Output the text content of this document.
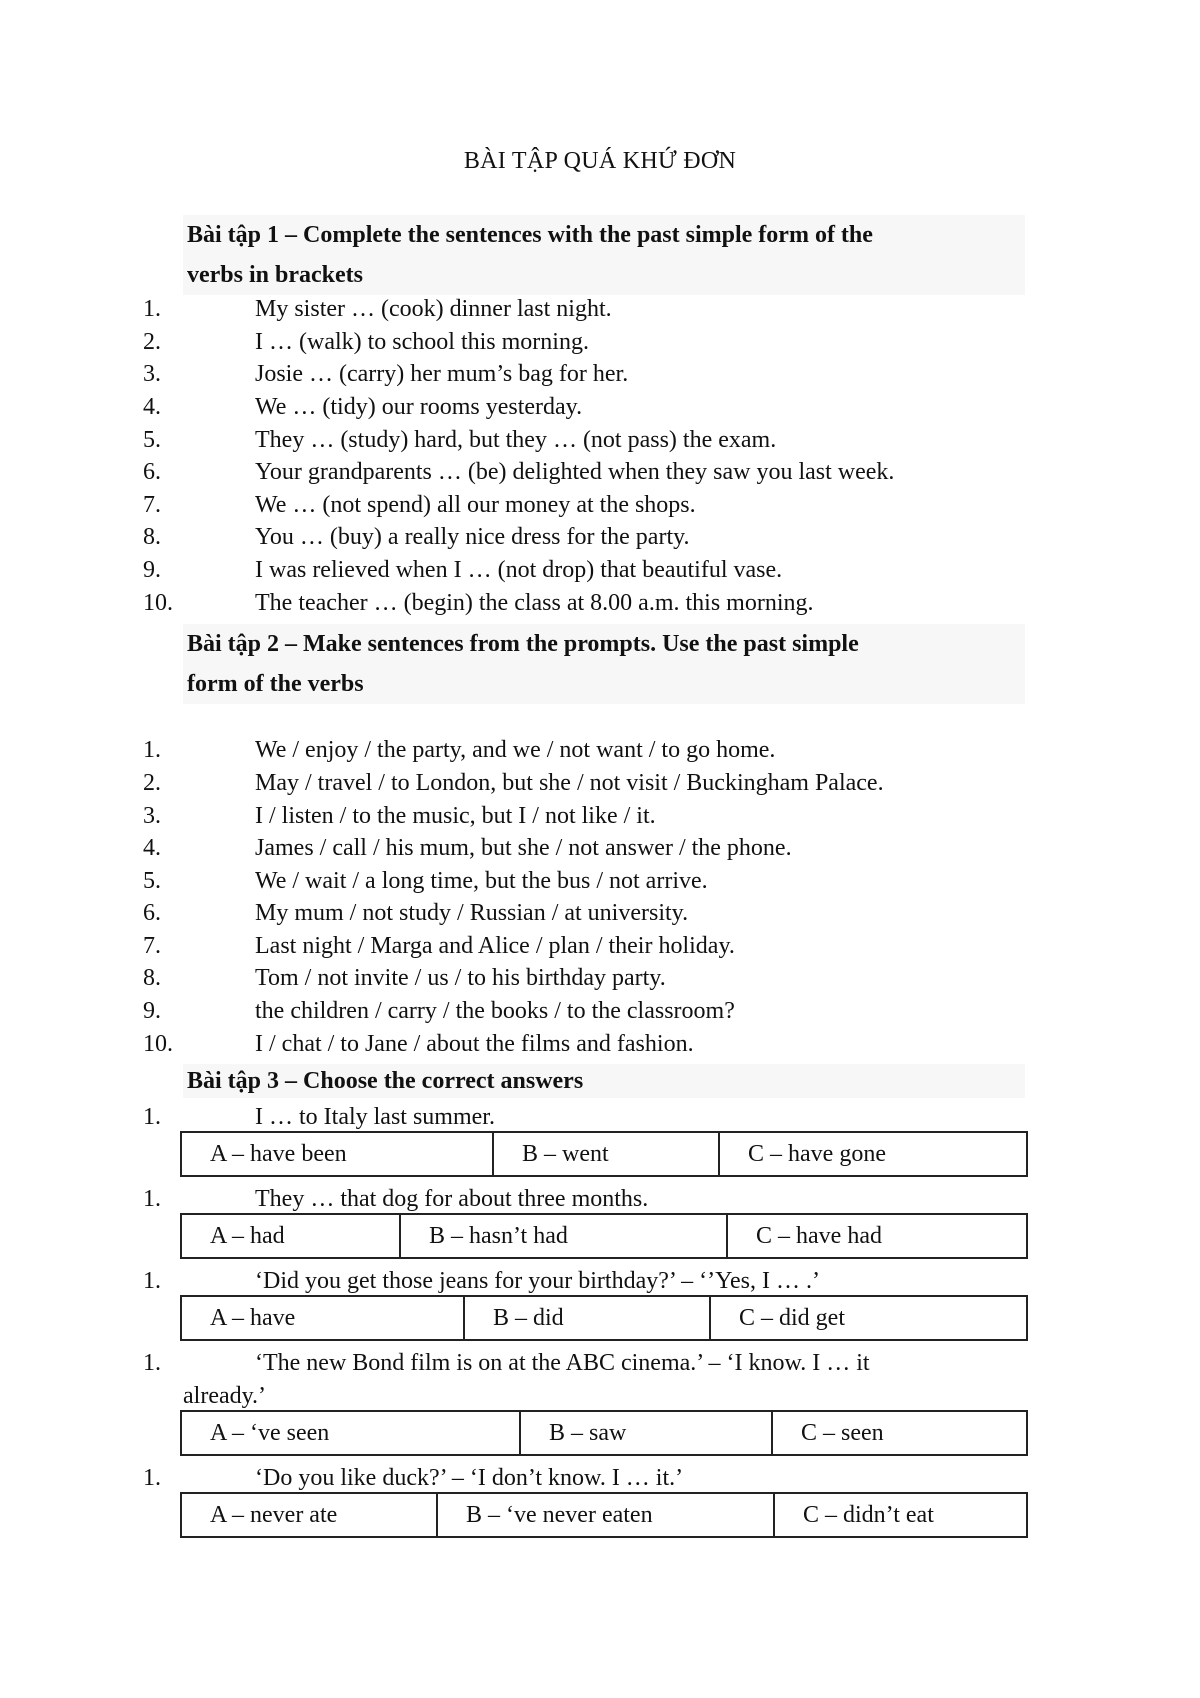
BÀI TẬP QUÁ KHỨ ĐƠN
Bài tập 1 – Complete the sentences with the past simple form of the
verbs in brackets
1.	My sister … (cook) dinner last night.
2.	I … (walk) to school this morning.
3.	Josie … (carry) her mum’s bag for her.
4.	We … (tidy) our rooms yesterday.
5.	They … (study) hard, but they … (not pass) the exam.
6.	Your grandparents … (be) delighted when they saw you last week.
7.	We … (not spend) all our money at the shops.
8.	You … (buy) a really nice dress for the party.
9.	I was relieved when I … (not drop) that beautiful vase.
10.	The teacher … (begin) the class at 8.00 a.m. this morning.
Bài tập 2 – Make sentences from the prompts. Use the past simple
form of the verbs
1.	We / enjoy / the party, and we / not want / to go home.
2.	May / travel / to London, but she / not visit / Buckingham Palace.
3.	I / listen / to the music, but I / not like / it.
4.	James / call / his mum, but she / not answer / the phone.
5.	We / wait / a long time, but the bus / not arrive.
6.	My mum / not study / Russian / at university.
7.	Last night / Marga and Alice / plan / their holiday.
8.	Tom / not invite / us / to his birthday party.
9.	the children / carry / the books / to the classroom?
10.	I / chat / to Jane / about the films and fashion.
Bài tập 3 – Choose the correct answers
1.	I … to Italy last summer.
A – have been	B – went	C – have gone
1.	They … that dog for about three months.
A – had	B – hasn’t had	C – have had
1.	‘Did you get those jeans for your birthday?’ – ‘’Yes, I … .’
A – have	B – did	C – did get
1.	‘The new Bond film is on at the ABC cinema.’ – ‘I know. I … it
already.’
A – ‘ve seen	B – saw	C – seen
1.	‘Do you like duck?’ – ‘I don’t know. I … it.’
A – never ate	B – ‘ve never eaten	C – didn’t eat
